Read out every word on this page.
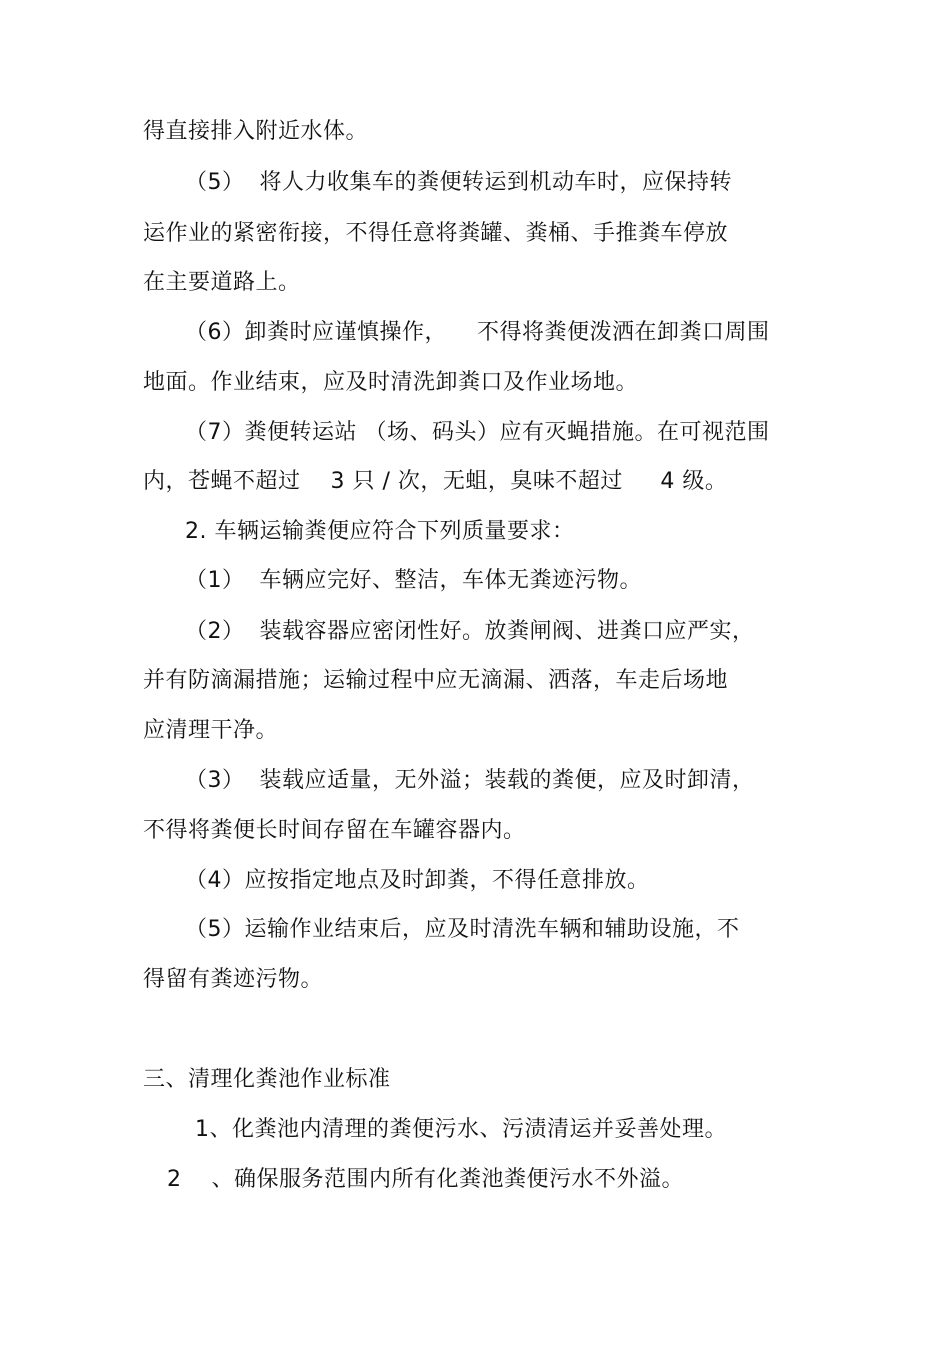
得直接排入附近水体。
（5）  将人力收集车的粪便转运到机动车时，应保持转
运作业的紧密衔接，不得任意将粪罐、粪桶、手推粪车停放
在主要道路上。
（6）卸粪时应谨慎操作，    不得将粪便泼洒在卸粪口周围
地面。作业结束，应及时清洗卸粪口及作业场地。
（7）粪便转运站 （场、码头）应有灭蝇措施。在可视范围
内，苍蝇不超过    3 只 / 次，无蛆，臭味不超过     4 级。
2. 车辆运输粪便应符合下列质量要求：
（1）  车辆应完好、整洁，车体无粪迹污物。
（2）  装载容器应密闭性好。放粪闸阀、进粪口应严实，
并有防滴漏措施；运输过程中应无滴漏、洒落，车走后场地
应清理干净。
（3）  装载应适量，无外溢；装载的粪便，应及时卸清，
不得将粪便长时间存留在车罐容器内。
（4）应按指定地点及时卸粪，不得任意排放。
（5）运输作业结束后，应及时清洗车辆和辅助设施，不
得留有粪迹污物。
三、清理化粪池作业标准
1、化粪池内清理的粪便污水、污渍清运并妥善处理。
2    、确保服务范围内所有化粪池粪便污水不外溢。
